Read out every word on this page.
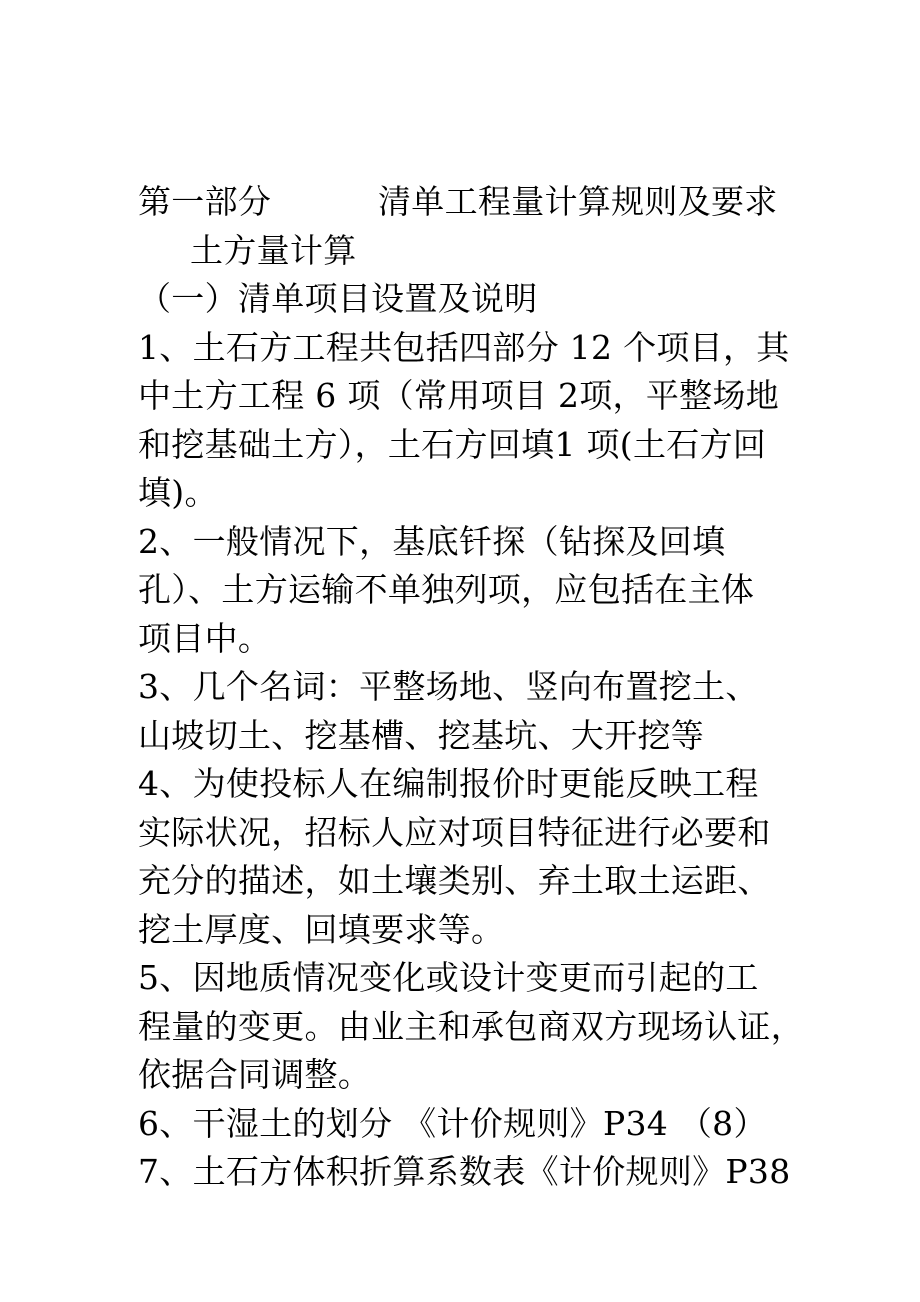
第一部分	清单工程量计算规则及要求
土方量计算
（一）清单项目设置及说明
1、土石方工程共包括四部分 12 个项目，其
中土方工程 6 项（常用项目 2项，平整场地
和挖基础土方），土石方回填1 项(土石方回
填)。
2、一般情况下，基底钎探（钻探及回填
孔）、土方运输不单独列项，应包括在主体
项目中。
3、几个名词：平整场地、竖向布置挖土、
山坡切土、挖基槽、挖基坑、大开挖等
4、为使投标人在编制报价时更能反映工程
实际状况，招标人应对项目特征进行必要和
充分的描述，如土壤类别、弃土取土运距、
挖土厚度、回填要求等。
5、因地质情况变化或设计变更而引起的工
程量的变更。由业主和承包商双方现场认证，
依据合同调整。
6、干湿土的划分 《计价规则》P34 （8）
7、土石方体积折算系数表《计价规则》P38
